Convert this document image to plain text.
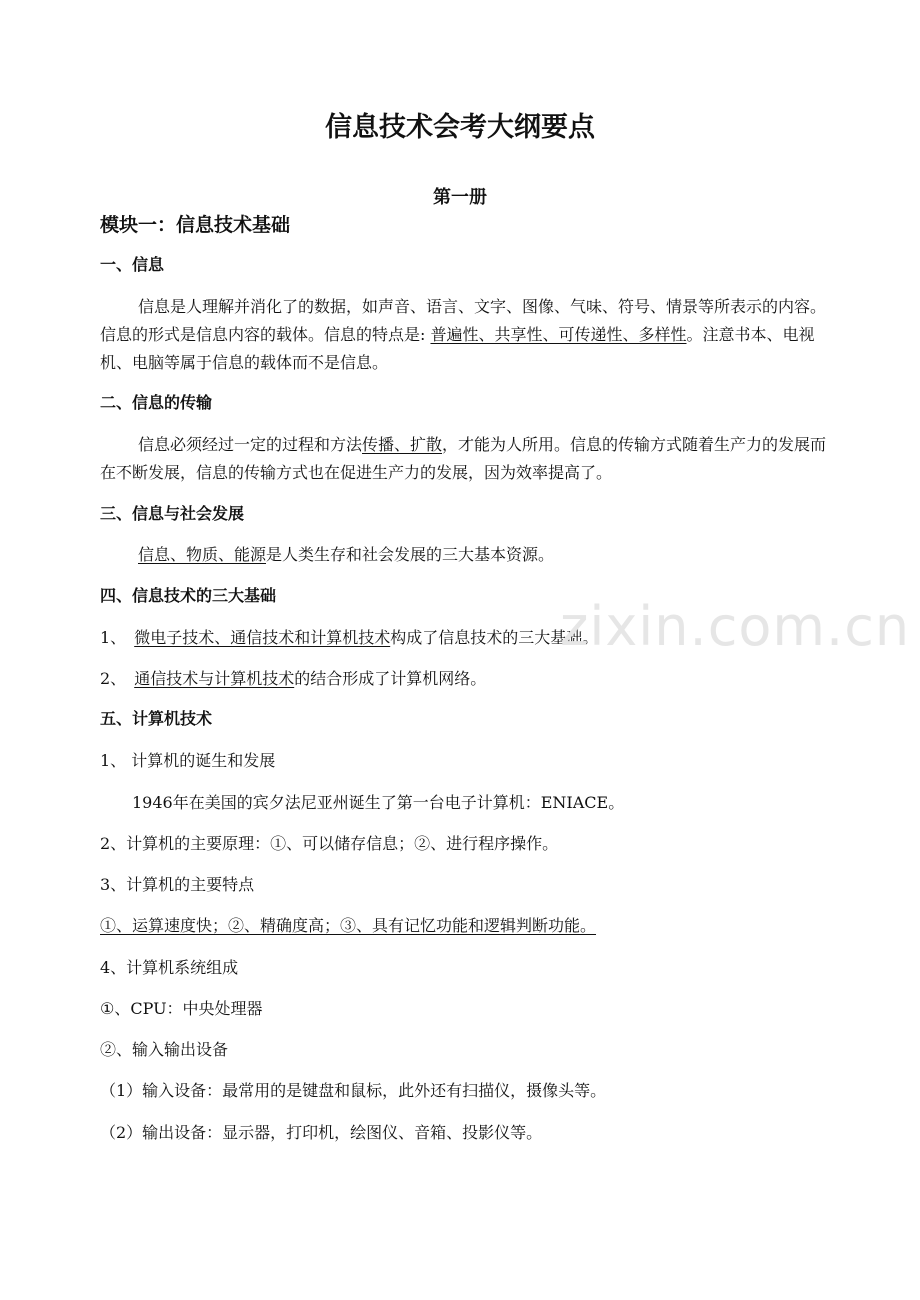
信息技术会考大纲要点
第一册
模块一：信息技术基础
一、信息
信息是人理解并消化了的数据，如声音、语言、文字、图像、气味、符号、情景等所表示的内容。信息的形式是信息内容的载体。信息的特点是: 普遍性、共享性、可传递性、多样性。注意书本、电视机、电脑等属于信息的载体而不是信息。
二、信息的传输
信息必须经过一定的过程和方法传播、扩散，才能为人所用。信息的传输方式随着生产力的发展而在不断发展，信息的传输方式也在促进生产力的发展，因为效率提高了。
三、信息与社会发展
信息、物质、能源是人类生存和社会发展的三大基本资源。
四、信息技术的三大基础
1、 微电子技术、通信技术和计算机技术构成了信息技术的三大基础。
2、 通信技术与计算机技术的结合形成了计算机网络。
五、计算机技术
1、 计算机的诞生和发展
1946年在美国的宾夕法尼亚州诞生了第一台电子计算机：ENIACE。
2、计算机的主要原理：①、可以储存信息；②、进行程序操作。
3、计算机的主要特点
①、运算速度快；②、精确度高；③、具有记忆功能和逻辑判断功能。
4、计算机系统组成
①、CPU：中央处理器
②、输入输出设备
（1）输入设备：最常用的是键盘和鼠标，此外还有扫描仪，摄像头等。
（2）输出设备：显示器，打印机，绘图仪、音箱、投影仪等。
zixin.com.cn
